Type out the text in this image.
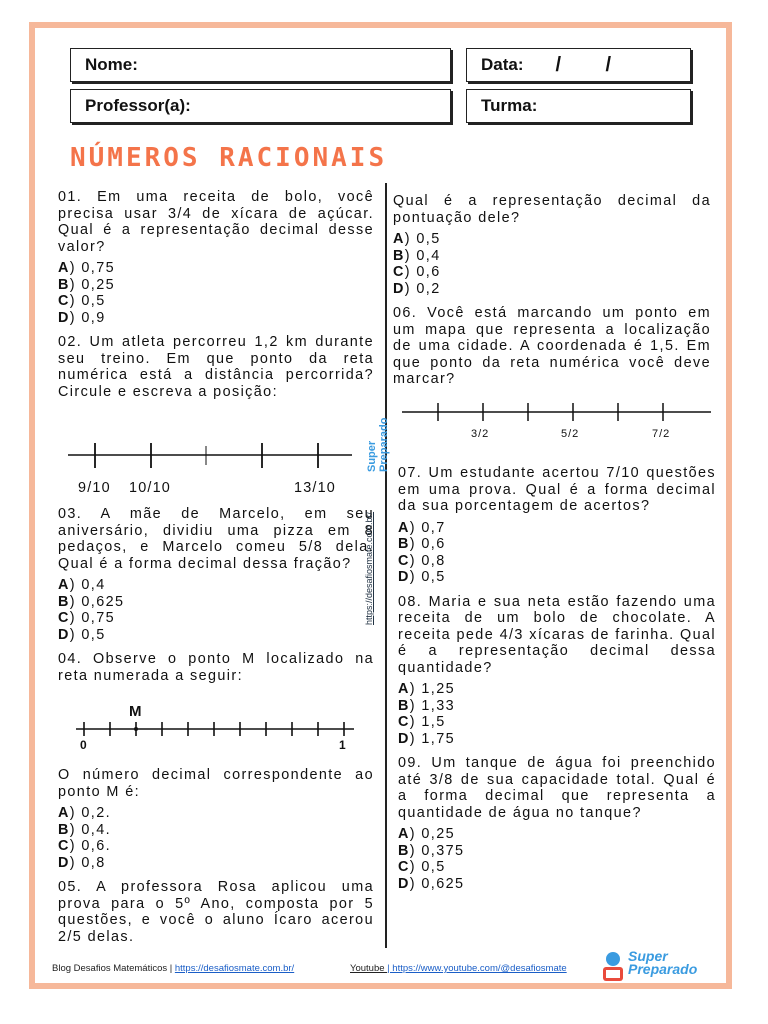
Nome:	Data: /        /
Professor(a):	Turma:
NÚMEROS RACIONAIS

01. Em uma receita de bolo, você precisa usar 3/4 de xícara de açúcar. Qual é a representação decimal desse valor?

A) 0,75
B) 0,25
C) 0,5
D) 0,9

02. Um atleta percorreu 1,2 km durante seu treino. Em que ponto da reta numérica está a distância percorrida? Circule e escreva a posição:

9/10 10/10	13/10

03. A mãe de Marcelo, em seu aniversário, dividiu uma pizza em 8 pedaços, e Marcelo comeu 5/8 dela. Qual é a forma decimal dessa fração?

A) 0,4
B) 0,625
C) 0,75
D) 0,5

04. Observe o ponto M localizado na reta numerada a seguir:

M
0	1

O número decimal correspondente ao ponto M é:

A) 0,2.
B) 0,4.
C) 0,6.
D) 0,8

05. A professora Rosa aplicou uma prova para o 5º Ano, composta por 5 questões, e você o aluno Ícaro acerou 2/5 delas.

Qual é a representação decimal da pontuação dele?

A) 0,5
B) 0,4
C) 0,6
D) 0,2

06. Você está marcando um ponto em um mapa que representa a localização de uma cidade. A coordenada é 1,5. Em que ponto da reta numérica você deve marcar?

3/2	5/2	7/2

07. Um estudante acertou 7/10 questões em uma prova. Qual é a forma decimal da sua porcentagem de acertos?

A) 0,7
B) 0,6
C) 0,8
D) 0,5

08. Maria e sua neta estão fazendo uma receita de um bolo de chocolate. A receita pede 4/3 xícaras de farinha. Qual é a representação decimal dessa quantidade?

A) 1,25
B) 1,33
C) 1,5
D) 1,75

09. Um tanque de água foi preenchido até 3/8 de sua capacidade total. Qual é a forma decimal que representa a quantidade de água no tanque?

A) 0,25
B) 0,375
C) 0,5
D) 0,625
Super Preparado
https://desafiosmate.com.br/
Blog Desafios Matemáticos | https://desafiosmate.com.br/	Youtube | https://www.youtube.com/@desafiosmate
Super
Preparado
